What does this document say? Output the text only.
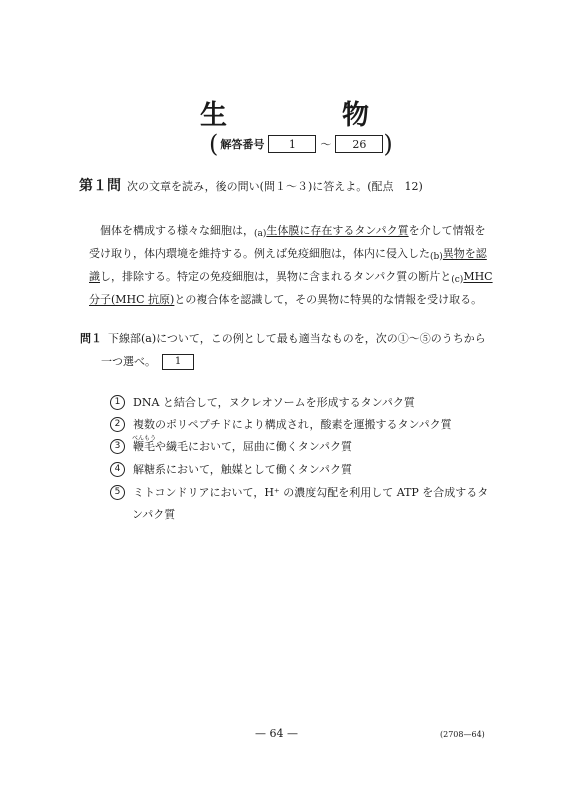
生	物
( 解答番号	1	〜	26 )
第１問 次の文章を読み，後の問い(問１〜３)に答えよ。(配点　12)
個体を構成する様々な細胞は，(a)生体膜に存在するタンパク質を介して情報を
受け取り，体内環境を維持する。例えば免疫細胞は，体内に侵入した(b)異物を認
識し，排除する。特定の免疫細胞は，異物に含まれるタンパク質の断片と(c)MHC
分子(MHC 抗原)との複合体を認識して，その異物に特異的な情報を受け取る。
問１ 下線部(a)について，この例として最も適当なものを，次の①〜⑤のうちから
一つ選べ。 1
1	DNA と結合して，ヌクレオソームを形成するタンパク質
2	複数のポリペプチドにより構成され，酸素を運搬するタンパク質
べんもう
3	鞭毛や繊毛において，屈曲に働くタンパク質
4	解糖系において，触媒として働くタンパク質
5	ミトコンドリアにおいて，H⁺ の濃度勾配を利用して ATP を合成するタ
ンパク質
— 64 —	(2708—64)
